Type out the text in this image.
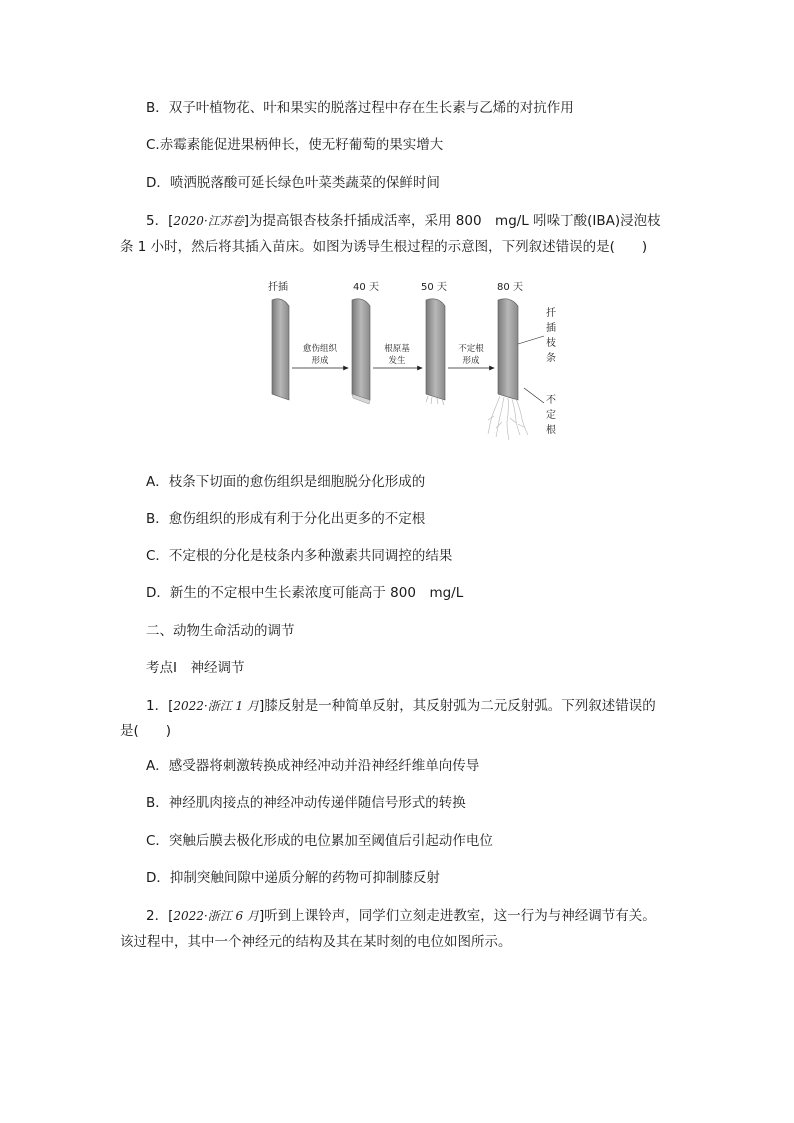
B．双子叶植物花、叶和果实的脱落过程中存在生长素与乙烯的对抗作用
C.赤霉素能促进果柄伸长，使无籽葡萄的果实增大
D．喷洒脱落酸可延长绿色叶菜类蔬菜的保鲜时间
5．[2020·江苏卷]为提高银杏枝条扦插成活率，采用 800　mg/L 吲哚丁酸(IBA)浸泡枝
条 1 小时，然后将其插入苗床。如图为诱导生根过程的示意图，下列叙述错误的是(　　)
扦插	40 天	50 天	80 天
愈伤组织
形成
根原基
发生
不定根
形成
扦
插
枝
条
不
定
根
A．枝条下切面的愈伤组织是细胞脱分化形成的
B．愈伤组织的形成有利于分化出更多的不定根
C．不定根的分化是枝条内多种激素共同调控的结果
D．新生的不定根中生长素浓度可能高于 800　mg/L
二、动物生命活动的调节
考点Ⅰ　神经调节
1．[2022·浙江 1 月]膝反射是一种简单反射，其反射弧为二元反射弧。下列叙述错误的
是(　　)
A．感受器将刺激转换成神经冲动并沿神经纤维单向传导
B．神经肌肉接点的神经冲动传递伴随信号形式的转换
C．突触后膜去极化形成的电位累加至阈值后引起动作电位
D．抑制突触间隙中递质分解的药物可抑制膝反射
2．[2022·浙江 6 月]听到上课铃声，同学们立刻走进教室，这一行为与神经调节有关。
该过程中，其中一个神经元的结构及其在某时刻的电位如图所示。
